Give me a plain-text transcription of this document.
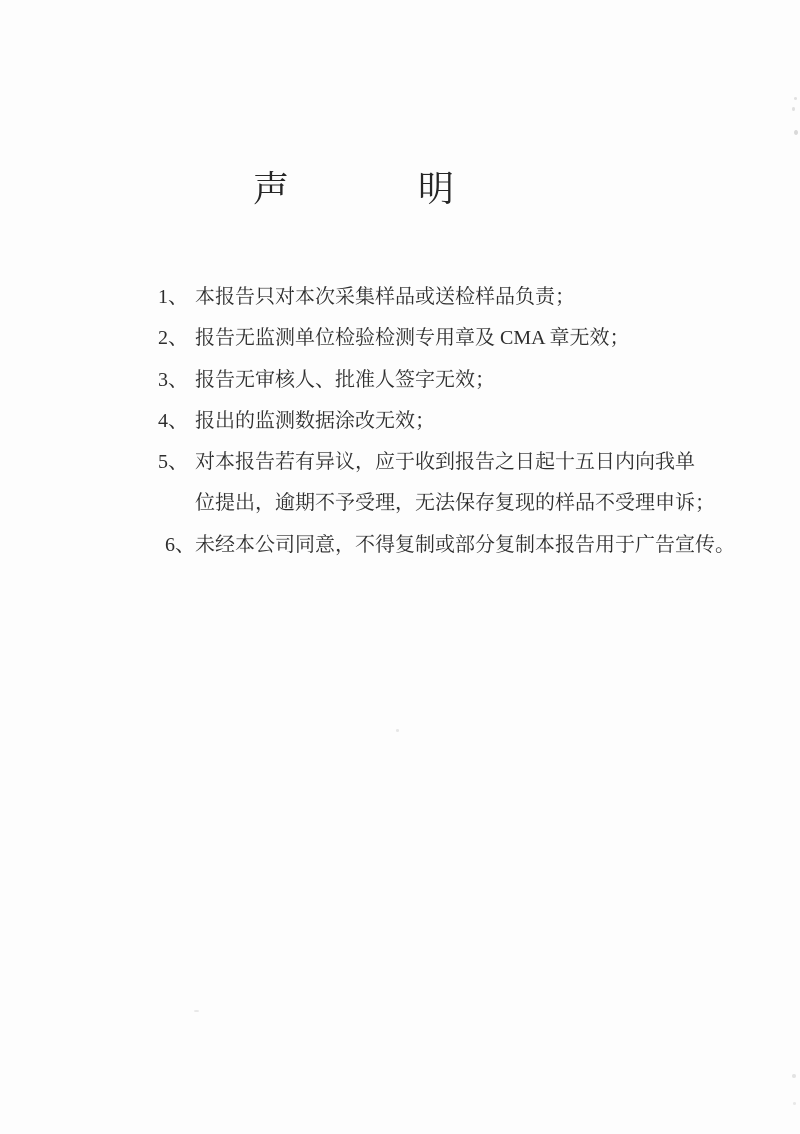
声	明
1、 本报告只对本次采集样品或送检样品负责；
2、 报告无监测单位检验检测专用章及 CMA 章无效；
3、 报告无审核人、批准人签字无效；
4、 报出的监测数据涂改无效；
5、 对本报告若有异议，应于收到报告之日起十五日内向我单
位提出，逾期不予受理，无法保存复现的样品不受理申诉；
6、 未经本公司同意，不得复制或部分复制本报告用于广告宣传。
